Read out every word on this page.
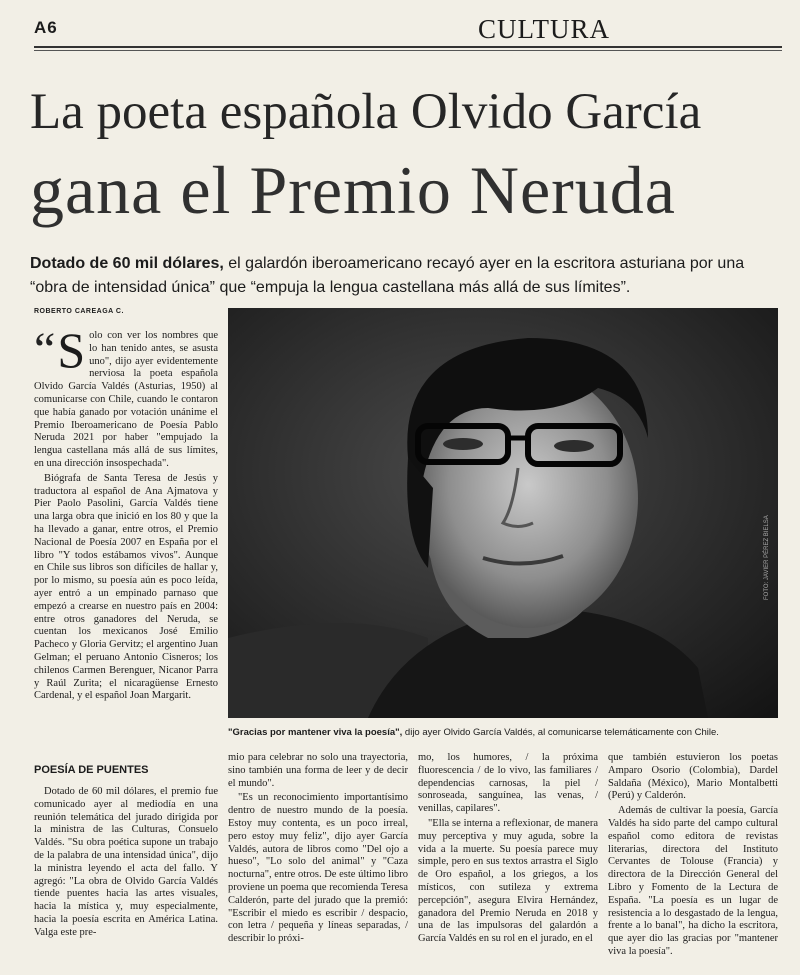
A6	CULTURA
La poeta española Olvido García
gana el Premio Neruda
Dotado de 60 mil dólares, el galardón iberoamericano recayó ayer en la escritora asturiana por una “obra de intensidad única” que “empuja la lengua castellana más allá de sus límites”.
ROBERTO CAREAGA C.
“ S olo con ver los nombres que lo han tenido antes, se asusta uno", dijo ayer evidentemente nerviosa la poeta española Olvido García Valdés (Asturias, 1950) al comunicarse con Chile, cuando le contaron que había ganado por votación unánime el Premio Iberoamericano de Poesía Pablo Neruda 2021 por haber "empujado la lengua castellana más allá de sus límites, en una dirección insospechada".

Biógrafa de Santa Teresa de Jesús y traductora al español de Ana Ajmatova y Pier Paolo Pasolini, García Valdés tiene una larga obra que inició en los 80 y que la ha llevado a ganar, entre otros, el Premio Nacional de Poesía 2007 en España por el libro "Y todos estábamos vivos". Aunque en Chile sus libros son difíciles de hallar y, por lo mismo, su poesía aún es poco leída, ayer entró a un empinado parnaso que empezó a crearse en nuestro país en 2004: entre otros ganadores del Neruda, se cuentan los mexicanos José Emilio Pacheco y Gloria Gervitz; el argentino Juan Gelman; el peruano Antonio Cisneros; los chilenos Carmen Berenguer, Nicanor Parra y Raúl Zurita; el nicaragüense Ernesto Cardenal, y el español Joan Margarit.

POESÍA DE PUENTES

Dotado de 60 mil dólares, el premio fue comunicado ayer al mediodía en una reunión telemática del jurado dirigida por la ministra de las Culturas, Consuelo Valdés. "Su obra poética supone un trabajo de la palabra de una intensidad única", dijo la ministra leyendo el acta del fallo. Y agregó: "La obra de Olvido García Valdés tiende puentes hacia las artes visuales, hacia la mística y, muy especialmente, hacia la poesía escrita en América Latina. Valga este pre-

FOTO: JAVIER PÉREZ BIELSA
"Gracias por mantener viva la poesía", dijo ayer Olvido García Valdés, al comunicarse telemáticamente con Chile.

mio para celebrar no solo una trayectoria, sino también una forma de leer y de decir el mundo".

"Es un reconocimiento importantísimo dentro de nuestro mundo de la poesía. Estoy muy contenta, es un poco irreal, pero estoy muy feliz", dijo ayer García Valdés, autora de libros como "Del ojo a hueso", "Lo solo del animal" y "Caza nocturna", entre otros. De este último libro proviene un poema que recomienda Teresa Calderón, parte del jurado que la premió: "Escribir el miedo es escribir / despacio, con letra / pequeña y líneas separadas, / describir lo próxi-

mo, los humores, / la próxima fluorescencia / de lo vivo, las familiares / dependencias carnosas, la piel / sonroseada, sanguínea, las venas, / venillas, capilares".

"Ella se interna a reflexionar, de manera muy perceptiva y muy aguda, sobre la vida a la muerte. Su poesía parece muy simple, pero en sus textos arrastra el Siglo de Oro español, a los griegos, a los místicos, con sutileza y extrema percepción", asegura Elvira Hernández, ganadora del Premio Neruda en 2018 y una de las impulsoras del galardón a García Valdés en su rol en el jurado, en el

que también estuvieron los poetas Amparo Osorio (Colombia), Dardel Saldaña (México), Mario Montalbetti (Perú) y Calderón.

Además de cultivar la poesía, García Valdés ha sido parte del campo cultural español como editora de revistas literarias, directora del Instituto Cervantes de Tolouse (Francia) y directora de la Dirección General del Libro y Fomento de la Lectura de España. "La poesía es un lugar de resistencia a lo desgastado de la lengua, frente a lo banal", ha dicho la escritora, que ayer dio las gracias por "mantener viva la poesía".
